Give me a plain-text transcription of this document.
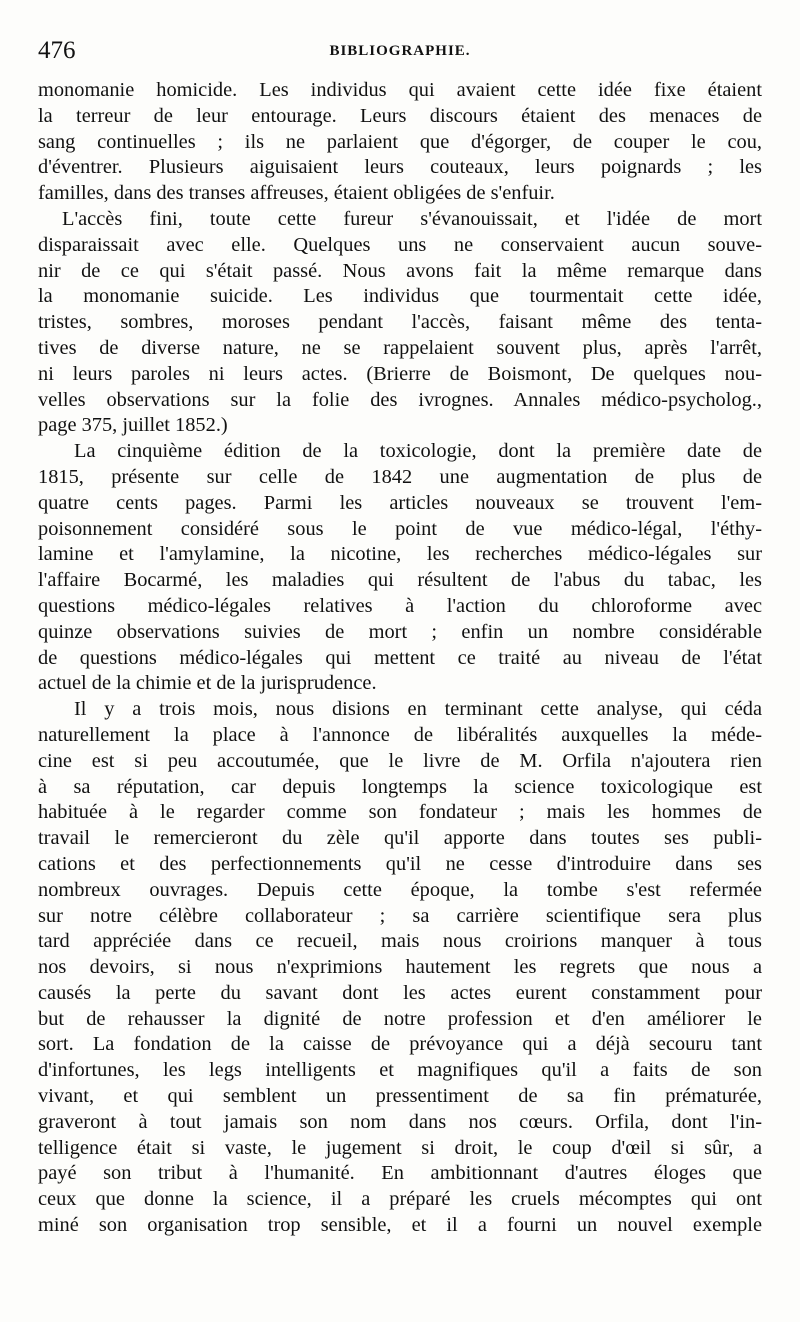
476	BIBLIOGRAPHIE.
monomanie homicide. Les individus qui avaient cette idée fixe étaient
la terreur de leur entourage. Leurs discours étaient des menaces de
sang continuelles ; ils ne parlaient que d'égorger, de couper le cou,
d'éventrer. Plusieurs aiguisaient leurs couteaux, leurs poignards ; les
familles, dans des transes affreuses, étaient obligées de s'enfuir.
L'accès fini, toute cette fureur s'évanouissait, et l'idée de mort
disparaissait avec elle. Quelques uns ne conservaient aucun souve-
nir de ce qui s'était passé. Nous avons fait la même remarque dans
la monomanie suicide. Les individus que tourmentait cette idée,
tristes, sombres, moroses pendant l'accès, faisant même des tenta-
tives de diverse nature, ne se rappelaient souvent plus, après l'arrêt,
ni leurs paroles ni leurs actes. (Brierre de Boismont, De quelques nou-
velles observations sur la folie des ivrognes. Annales médico-psycholog.,
page 375, juillet 1852.)
La cinquième édition de la toxicologie, dont la première date de
1815, présente sur celle de 1842 une augmentation de plus de
quatre cents pages. Parmi les articles nouveaux se trouvent l'em-
poisonnement considéré sous le point de vue médico-légal, l'éthy-
lamine et l'amylamine, la nicotine, les recherches médico-légales sur
l'affaire Bocarmé, les maladies qui résultent de l'abus du tabac, les
questions médico-légales relatives à l'action du chloroforme avec
quinze observations suivies de mort ; enfin un nombre considérable
de questions médico-légales qui mettent ce traité au niveau de l'état
actuel de la chimie et de la jurisprudence.
Il y a trois mois, nous disions en terminant cette analyse, qui céda
naturellement la place à l'annonce de libéralités auxquelles la méde-
cine est si peu accoutumée, que le livre de M. Orfila n'ajoutera rien
à sa réputation, car depuis longtemps la science toxicologique est
habituée à le regarder comme son fondateur ; mais les hommes de
travail le remercieront du zèle qu'il apporte dans toutes ses publi-
cations et des perfectionnements qu'il ne cesse d'introduire dans ses
nombreux ouvrages. Depuis cette époque, la tombe s'est refermée
sur notre célèbre collaborateur ; sa carrière scientifique sera plus
tard appréciée dans ce recueil, mais nous croirions manquer à tous
nos devoirs, si nous n'exprimions hautement les regrets que nous a
causés la perte du savant dont les actes eurent constamment pour
but de rehausser la dignité de notre profession et d'en améliorer le
sort. La fondation de la caisse de prévoyance qui a déjà secouru tant
d'infortunes, les legs intelligents et magnifiques qu'il a faits de son
vivant, et qui semblent un pressentiment de sa fin prématurée,
graveront à tout jamais son nom dans nos cœurs. Orfila, dont l'in-
telligence était si vaste, le jugement si droit, le coup d'œil si sûr, a
payé son tribut à l'humanité. En ambitionnant d'autres éloges que
ceux que donne la science, il a préparé les cruels mécomptes qui ont
miné son organisation trop sensible, et il a fourni un nouvel exemple
